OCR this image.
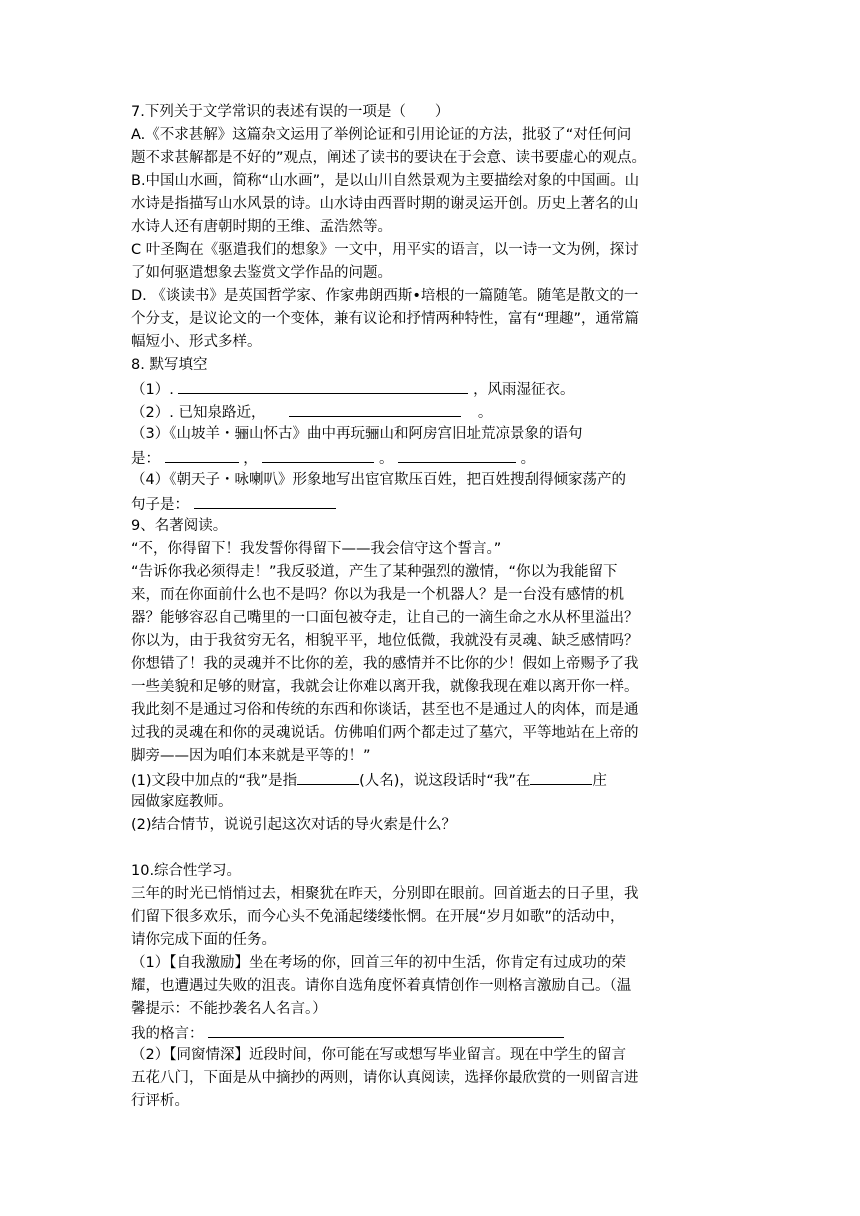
7.下列关于文学常识的表述有误的一项是（　　）
A.《不求甚解》这篇杂文运用了举例论证和引用论证的方法，批驳了“对任何问
题不求甚解都是不好的”观点，阐述了读书的要诀在于会意、读书要虚心的观点。
B.中国山水画，简称“山水画”，是以山川自然景观为主要描绘对象的中国画。山
水诗是指描写山水风景的诗。山水诗由西晋时期的谢灵运开创。历史上著名的山
水诗人还有唐朝时期的王维、孟浩然等。
C 叶圣陶在《驱遣我们的想象》一文中，用平实的语言，以一诗一文为例，探讨
了如何驱遣想象去鉴赏文学作品的问题。
D. 《谈读书》是英国哲学家、作家弗朗西斯•培根的一篇随笔。随笔是散文的一
个分支，是议论文的一个变体，兼有议论和抒情两种特性，富有“理趣”，通常篇
幅短小、形式多样。
8. 默写填空
（1）.	，风雨湿征衣。
（2）. 已知泉路近，	。
（3）《山坡羊・骊山怀古》曲中再玩骊山和阿房宫旧址荒凉景象的语句
是：	，	。	。
（4）《朝天子・咏喇叭》形象地写出宦官欺压百姓，把百姓搜刮得倾家荡产的
句子是：
9、名著阅读。
“不，你得留下！我发誓你得留下——我会信守这个誓言。”
“告诉你我必须得走！”我反驳道，产生了某种强烈的激情，“你以为我能留下
来，而在你面前什么也不是吗？你以为我是一个机器人？是一台没有感情的机
器？能够容忍自己嘴里的一口面包被夺走，让自己的一滴生命之水从杯里溢出？
你以为，由于我贫穷无名，相貌平平，地位低微，我就没有灵魂、缺乏感情吗？
你想错了！我的灵魂并不比你的差，我的感情并不比你的少！假如上帝赐予了我
一些美貌和足够的财富，我就会让你难以离开我，就像我现在难以离开你一样。
我此刻不是通过习俗和传统的东西和你谈话，甚至也不是通过人的肉体，而是通
过我的灵魂在和你的灵魂说话。仿佛咱们两个都走过了墓穴，平等地站在上帝的
脚旁——因为咱们本来就是平等的！”
(1)文段中加点的“我”是指	(人名)，说这段话时“我”在	庄
园做家庭教师。
(2)结合情节，说说引起这次对话的导火索是什么？
10.综合性学习。
三年的时光已悄悄过去，相聚犹在昨天，分别即在眼前。回首逝去的日子里，我
们留下很多欢乐，而今心头不免涌起缕缕怅惘。在开展“岁月如歌”的活动中，
请你完成下面的任务。
（1）【自我激励】坐在考场的你，回首三年的初中生活，你肯定有过成功的荣
耀，也遭遇过失败的沮丧。请你自选角度怀着真情创作一则格言激励自己。（温
馨提示：不能抄袭名人名言。）
我的格言：
（2）【同窗情深】近段时间，你可能在写或想写毕业留言。现在中学生的留言
五花八门，下面是从中摘抄的两则，请你认真阅读，选择你最欣赏的一则留言进
行评析。
